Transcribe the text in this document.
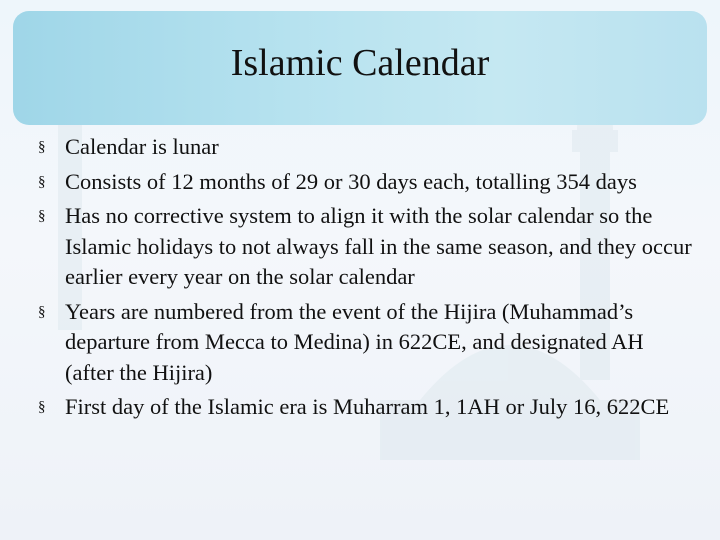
Islamic Calendar
§ Calendar is lunar
§ Consists of 12 months of 29 or 30 days each, totalling 354 days
§ Has no corrective system to align it with the solar calendar so the Islamic holidays to not always fall in the same season, and they occur earlier every year on the solar calendar
§ Years are numbered from the event of the Hijira (Muhammad’s departure from Mecca to Medina) in 622CE, and designated AH (after the Hijira)
§ First day of the Islamic era is Muharram 1, 1AH or July 16, 622CE
